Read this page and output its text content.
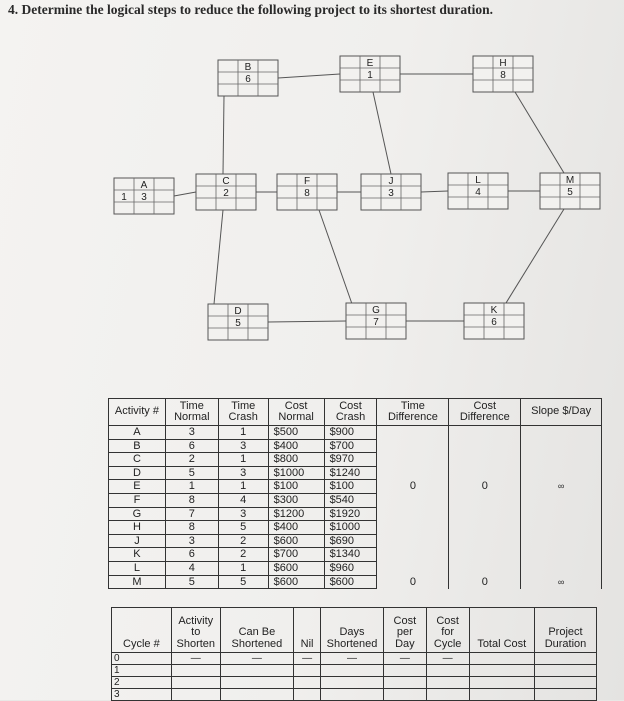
4. Determine the logical steps to reduce the following project to its shortest duration.
A
3
1
B
6
C
2
D
5
E
1
F
8
G
7
H
8
J
3
K
6
L
4
M
5
Activity #	Time Normal	Time Crash	Cost Normal	Cost Crash	Time Difference	Cost Difference	Slope $/Day
A	3	1	$500	$900			
B	6	3	$400	$700			
C	2	1	$800	$970			
D	5	3	$1000	$1240			
E	1	1	$100	$100	0	0	∞
F	8	4	$300	$540			
G	7	3	$1200	$1920			
H	8	5	$400	$1000			
J	3	2	$600	$690			
K	6	2	$700	$1340			
L	4	1	$600	$960			
M	5	5	$600	$600	0	0	∞
Cycle #	Activity to Shorten	Can Be Shortened	Nil	Days Shortened	Cost per Day	Cost for Cycle	Total Cost	Project Duration
0	—	—	—	—	—	—		
1								
2								
3								
